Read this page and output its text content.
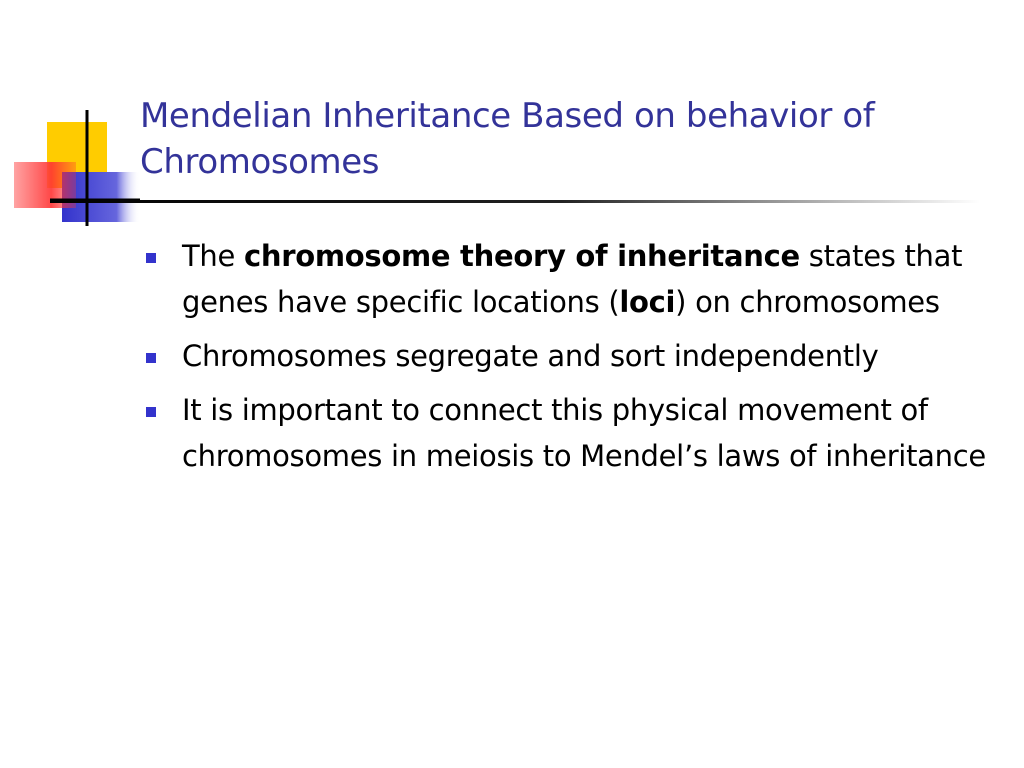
Mendelian Inheritance Based on behavior of
Chromosomes
The chromosome theory of inheritance states that genes have specific locations (loci) on chromosomes
Chromosomes segregate and sort independently
It is important to connect this physical movement of chromosomes in meiosis to Mendel’s laws of inheritance
